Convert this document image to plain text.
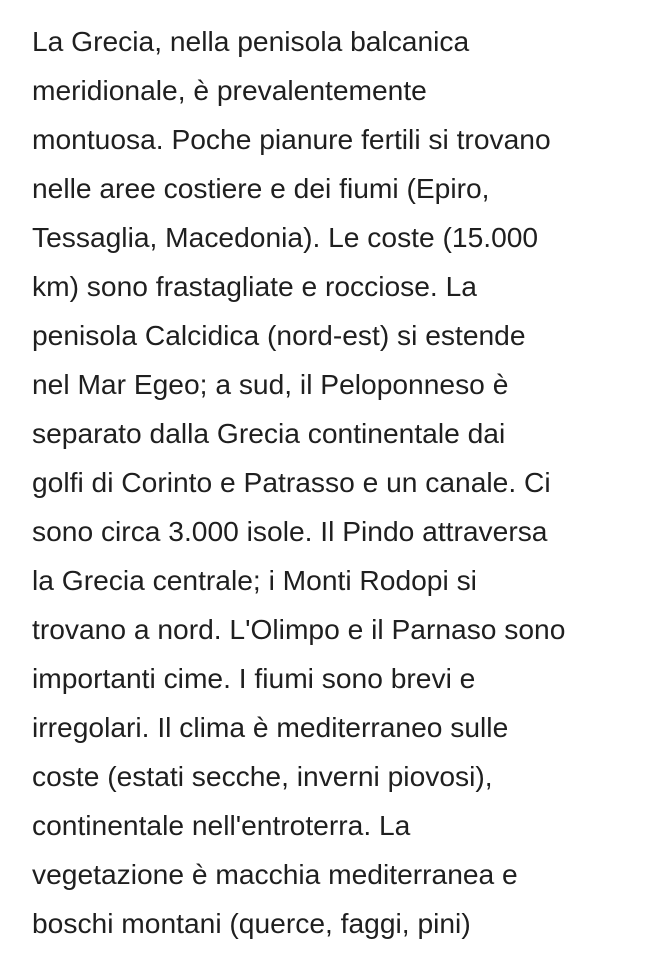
La Grecia, nella penisola balcanica
meridionale, è prevalentemente
montuosa. Poche pianure fertili si trovano
nelle aree costiere e dei fiumi (Epiro,
Tessaglia, Macedonia). Le coste (15.000
km) sono frastagliate e rocciose. La
penisola Calcidica (nord-est) si estende
nel Mar Egeo; a sud, il Peloponneso è
separato dalla Grecia continentale dai
golfi di Corinto e Patrasso e un canale. Ci
sono circa 3.000 isole. Il Pindo attraversa
la Grecia centrale; i Monti Rodopi si
trovano a nord. L'Olimpo e il Parnaso sono
importanti cime. I fiumi sono brevi e
irregolari. Il clima è mediterraneo sulle
coste (estati secche, inverni piovosi),
continentale nell'entroterra. La
vegetazione è macchia mediterranea e
boschi montani (querce, faggi, pini)
